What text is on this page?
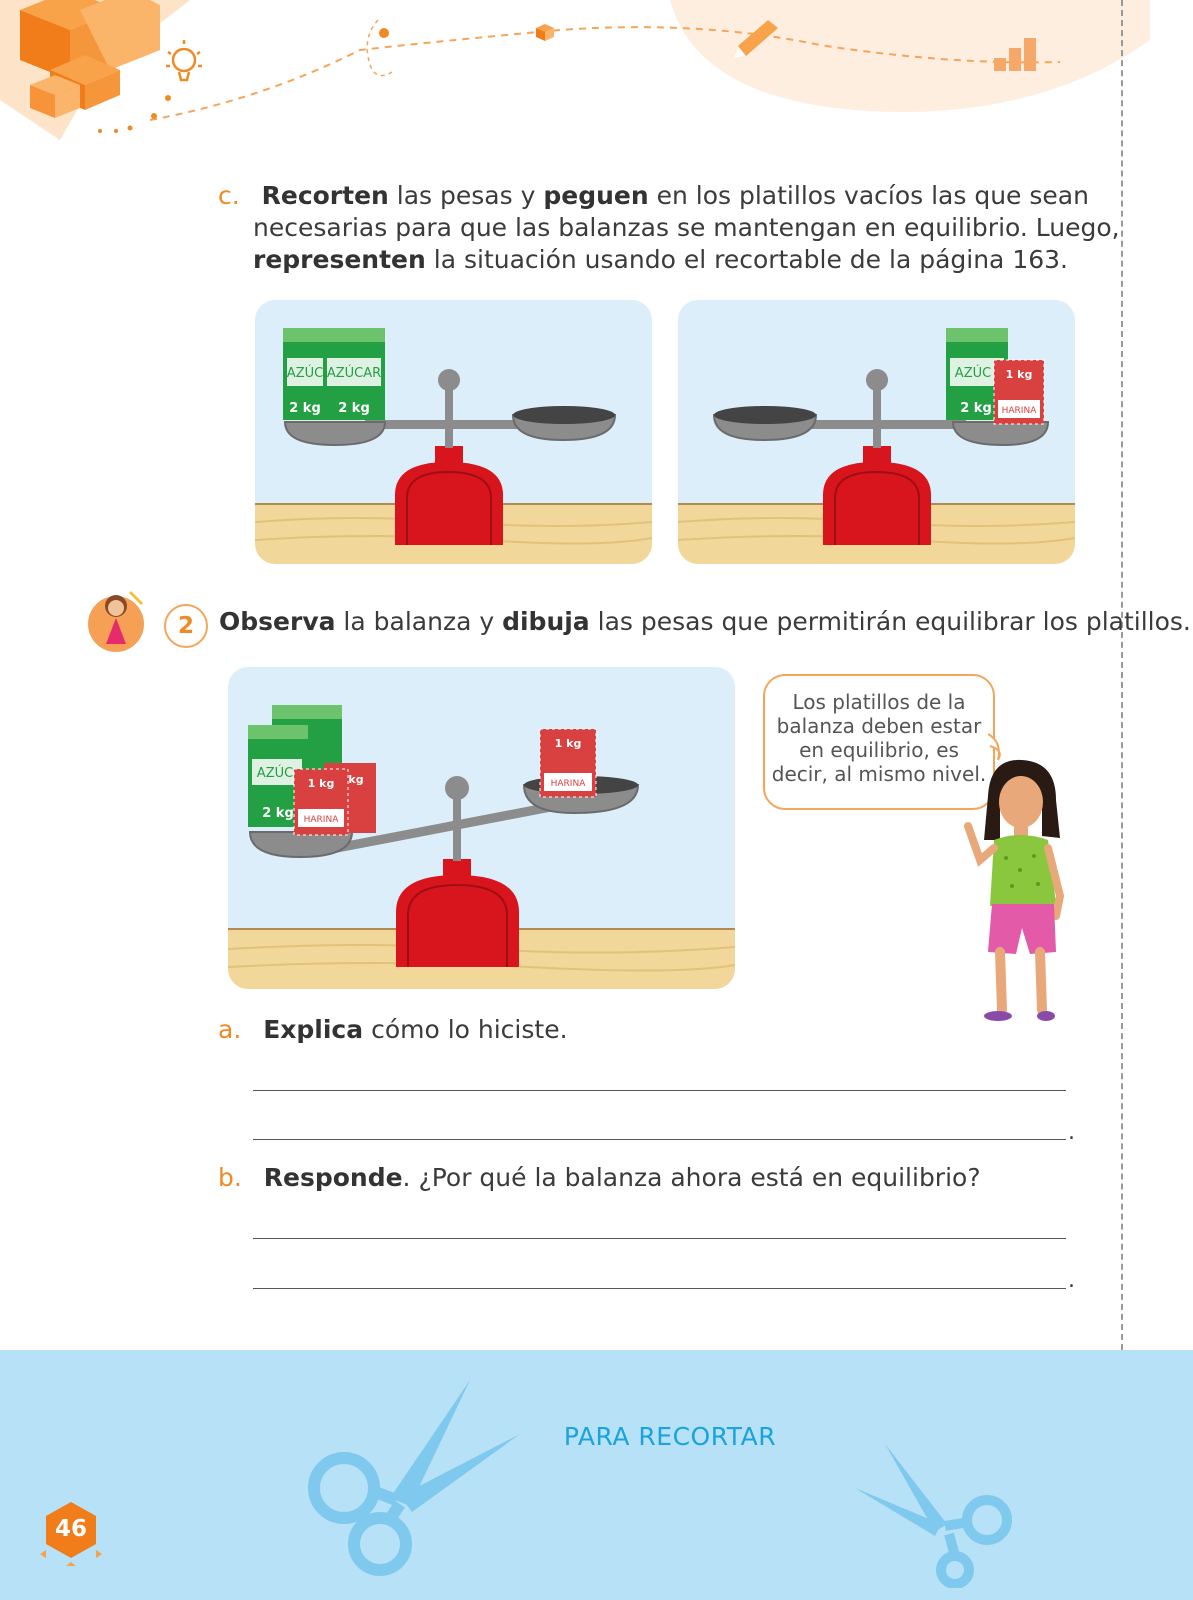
c. Recorten las pesas y peguen en los platillos vacíos las que sean
necesarias para que las balanzas se mantengan en equilibrio. Luego,
representen la situación usando el recortable de la página 163.
AZÚC
2 kg
AZÚCAR
2 kg
AZÚC
2 kg
1 kg
HARINA
2	Observa la balanza y dibuja las pesas que permitirán equilibrar los platillos.
AZÚC
2 kg
kg
1 kg
HARINA
1 kg
HARINA
Los platillos de la
balanza deben estar
en equilibrio, es
decir, al mismo nivel.
a. Explica cómo lo hiciste.
.
b. Responde. ¿Por qué la balanza ahora está en equilibrio?
.
PARA RECORTAR
46
